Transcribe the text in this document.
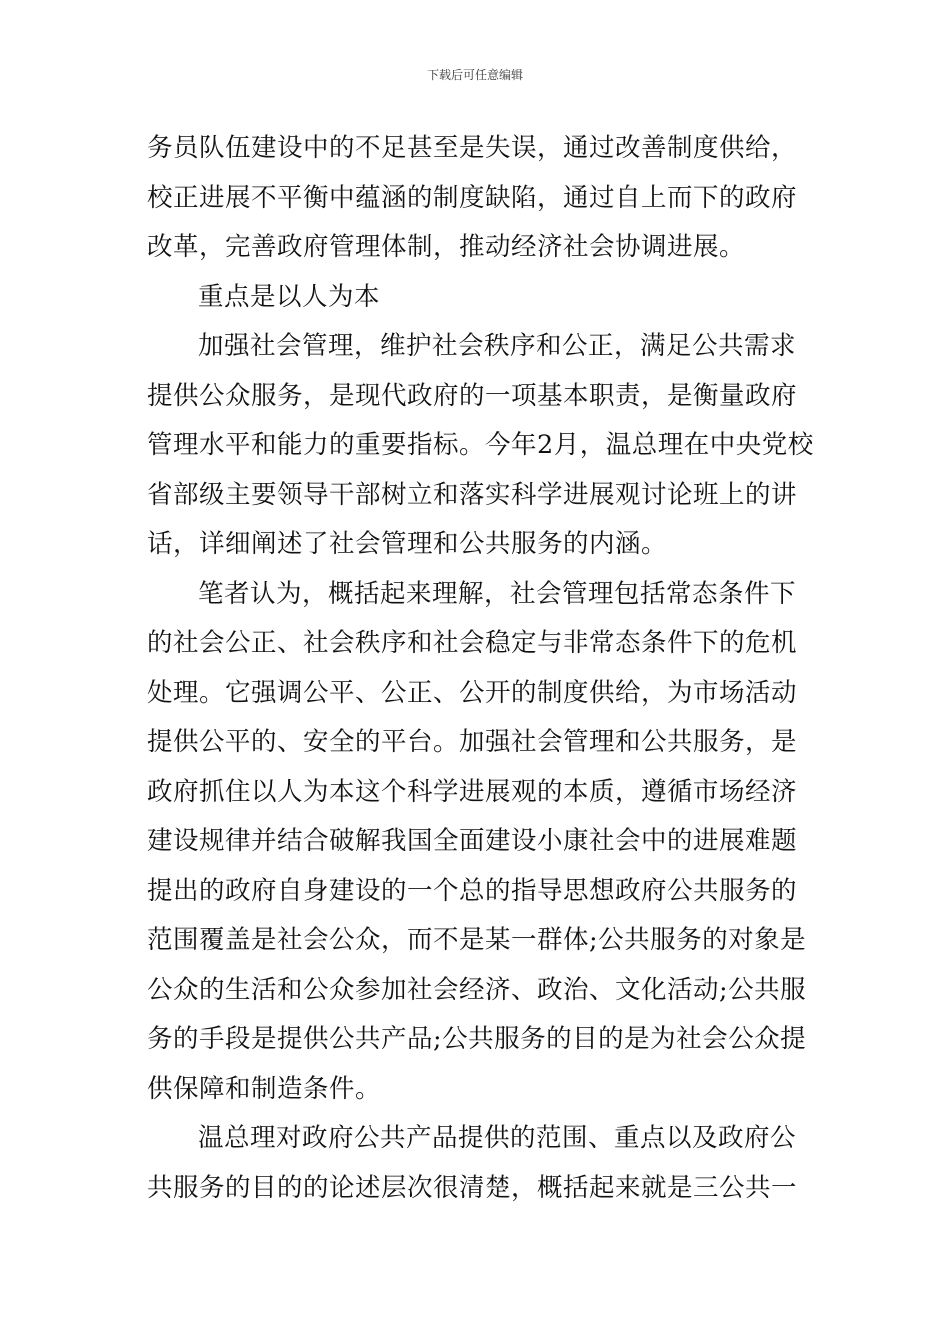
下载后可任意编辑
务员队伍建设中的不足甚至是失误，通过改善制度供给，
校正进展不平衡中蕴涵的制度缺陷，通过自上而下的政府
改革，完善政府管理体制，推动经济社会协调进展。
重点是以人为本
加强社会管理，维护社会秩序和公正，满足公共需求
提供公众服务，是现代政府的一项基本职责，是衡量政府
管理水平和能力的重要指标。今年2月，温总理在中央党校
省部级主要领导干部树立和落实科学进展观讨论班上的讲
话，详细阐述了社会管理和公共服务的内涵。
笔者认为，概括起来理解，社会管理包括常态条件下
的社会公正、社会秩序和社会稳定与非常态条件下的危机
处理。它强调公平、公正、公开的制度供给，为市场活动
提供公平的、安全的平台。加强社会管理和公共服务，是
政府抓住以人为本这个科学进展观的本质，遵循市场经济
建设规律并结合破解我国全面建设小康社会中的进展难题
提出的政府自身建设的一个总的指导思想政府公共服务的
范围覆盖是社会公众，而不是某一群体;公共服务的对象是
公众的生活和公众参加社会经济、政治、文化活动;公共服
务的手段是提供公共产品;公共服务的目的是为社会公众提
供保障和制造条件。
温总理对政府公共产品提供的范围、重点以及政府公
共服务的目的的论述层次很清楚，概括起来就是三公共一
